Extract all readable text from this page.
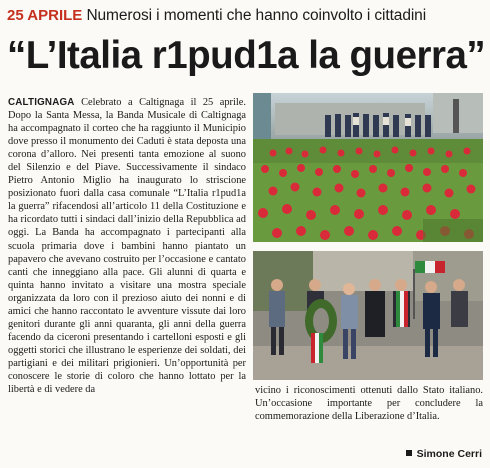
25 APRILE Numerosi i momenti che hanno coinvolto i cittadini
“L’Italia r1pud1a la guerra”
CALTIGNAGA Celebrato a Caltignaga il 25 aprile. Dopo la Santa Messa, la Banda Musicale di Caltignaga ha accompagnato il corteo che ha raggiunto il Municipio dove presso il monumento dei Caduti è stata deposta una corona d’alloro. Nei presenti tanta emozione al suono del Silenzio e del Piave. Successivamente il sindaco Pietro Antonio Miglio ha inaugurato lo striscione posizionato fuori dalla casa comunale “L’Italia r1pud1a la guerra” rifacendosi all’articolo 11 della Costituzione e ha ricordato tutti i sindaci dall’inizio della Repubblica ad oggi. La Banda ha accompagnato i partecipanti alla scuola primaria dove i bambini hanno piantato un papavero che avevano costruito per l’occasione e cantato canti che inneggiano alla pace. Gli alunni di quarta e quinta hanno invitato a visitare una mostra speciale organizzata da loro con il prezioso aiuto dei nonni e di amici che hanno raccontato le avventure vissute dai loro genitori durante gli anni quaranta, gli anni della guerra facendo da ciceroni presentando i cartelloni esposti e gli oggetti storici che illustrano le esperienze dei soldati, dei partigiani e dei militari prigionieri. Un’opportunità per conoscere le storie di coloro che hanno lottato per la libertà e di vedere da	vicino i riconoscimenti ottenuti dallo Stato italiano. Un’occasione importante per concludere la commemorazione della Liberazione d’Italia.
Simone Cerri
